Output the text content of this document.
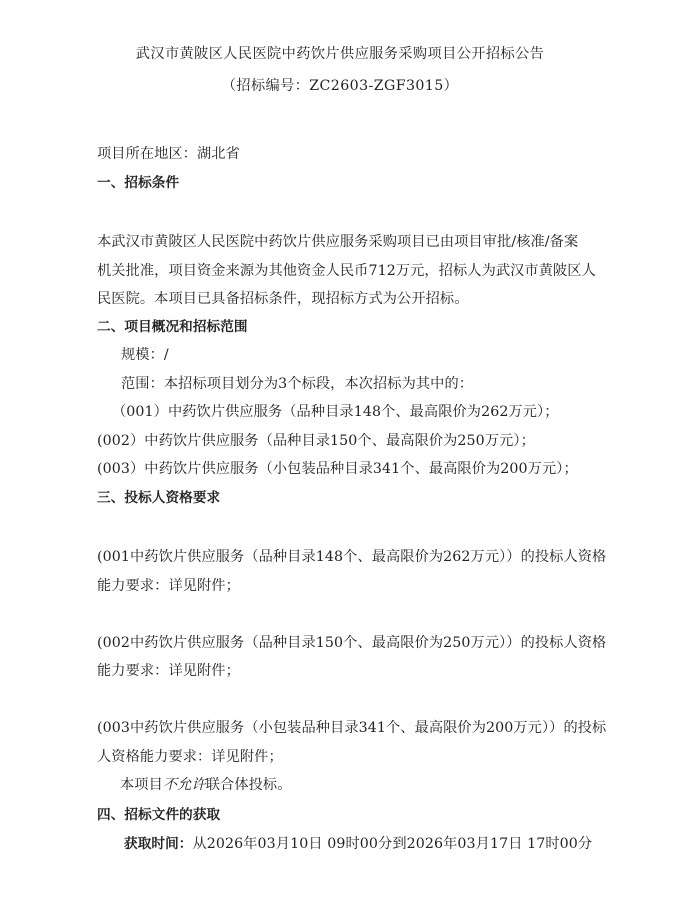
武汉市黄陂区人民医院中药饮片供应服务采购项目公开招标公告
（招标编号：ZC2603-ZGF3015）
项目所在地区：湖北省
一、招标条件
本武汉市黄陂区人民医院中药饮片供应服务采购项目已由项目审批/核准/备案
机关批准，项目资金来源为其他资金人民币712万元，招标人为武汉市黄陂区人
民医院。本项目已具备招标条件，现招标方式为公开招标。
二、项目概况和招标范围
规模：/
范围：本招标项目划分为3个标段，本次招标为其中的：
（001）中药饮片供应服务（品种目录148个、最高限价为262万元）；
(002）中药饮片供应服务（品种目录150个、最高限价为250万元）；
(003）中药饮片供应服务（小包装品种目录341个、最高限价为200万元）；
三、投标人资格要求
(001中药饮片供应服务（品种目录148个、最高限价为262万元））的投标人资格
能力要求：详见附件；
(002中药饮片供应服务（品种目录150个、最高限价为250万元））的投标人资格
能力要求：详见附件；
(003中药饮片供应服务（小包装品种目录341个、最高限价为200万元））的投标
人资格能力要求：详见附件；
本项目不允许联合体投标。
四、招标文件的获取
获取时间：从2026年03月10日 09时00分到2026年03月17日 17时00分
